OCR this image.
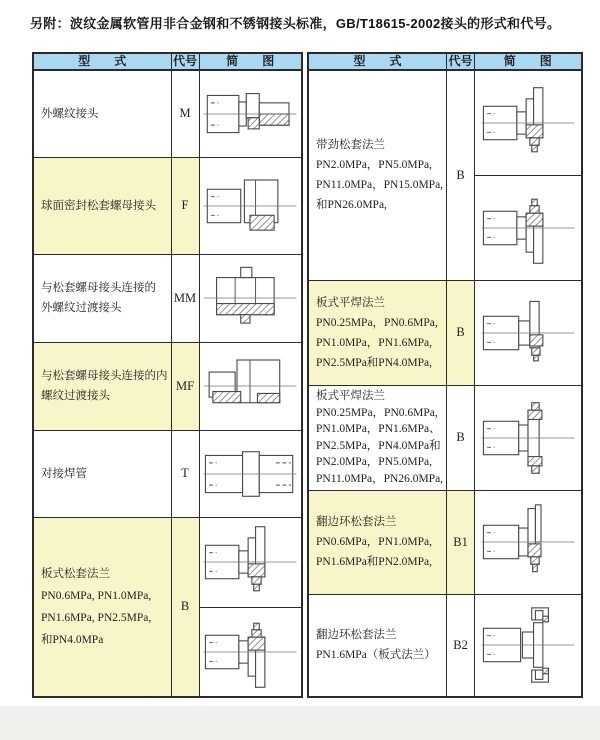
另附：波纹金属软管用非合金钢和不锈钢接头标准，GB/T18615-2002接头的形式和代号。
型　　式	代号	简　　图

外螺纹接头	M	

球面密封松套螺母接头	F	

与松套螺母接头连接的
外螺纹过渡接头	MM	

与松套螺母接头连接的内
螺纹过渡接头	MF	

对接焊管	T	

板式松套法兰
PN0.6MPa, PN1.0MPa,
PN1.6MPa, PN2.5MPa,
和PN4.0MPa	B	
型　　式	代号	简　　图

带劲松套法兰
PN2.0MPa，PN5.0MPa,
PN11.0MPa，PN15.0MPa,
和PN26.0MPa,	B	

板式平焊法兰
PN0.25MPa，PN0.6MPa,
PN1.0MPa，PN1.6MPa,
PN2.5MPa和PN4.0MPa,	B	

板式平焊法兰
PN0.25MPa，PN0.6MPa,
PN1.0MPa，PN1.6MPa、
PN2.5MPa，PN4.0MPa和
PN2.0MPa，PN5.0MPa,
PN11.0MPa，PN26.0MPa,
	B	

翻边环松套法兰
PN0.6MPa，PN1.0MPa,
PN1.6MPa和PN2.0MPa,	B1	

翻边环松套法兰
PN1.6MPa（板式法兰）	B2	
